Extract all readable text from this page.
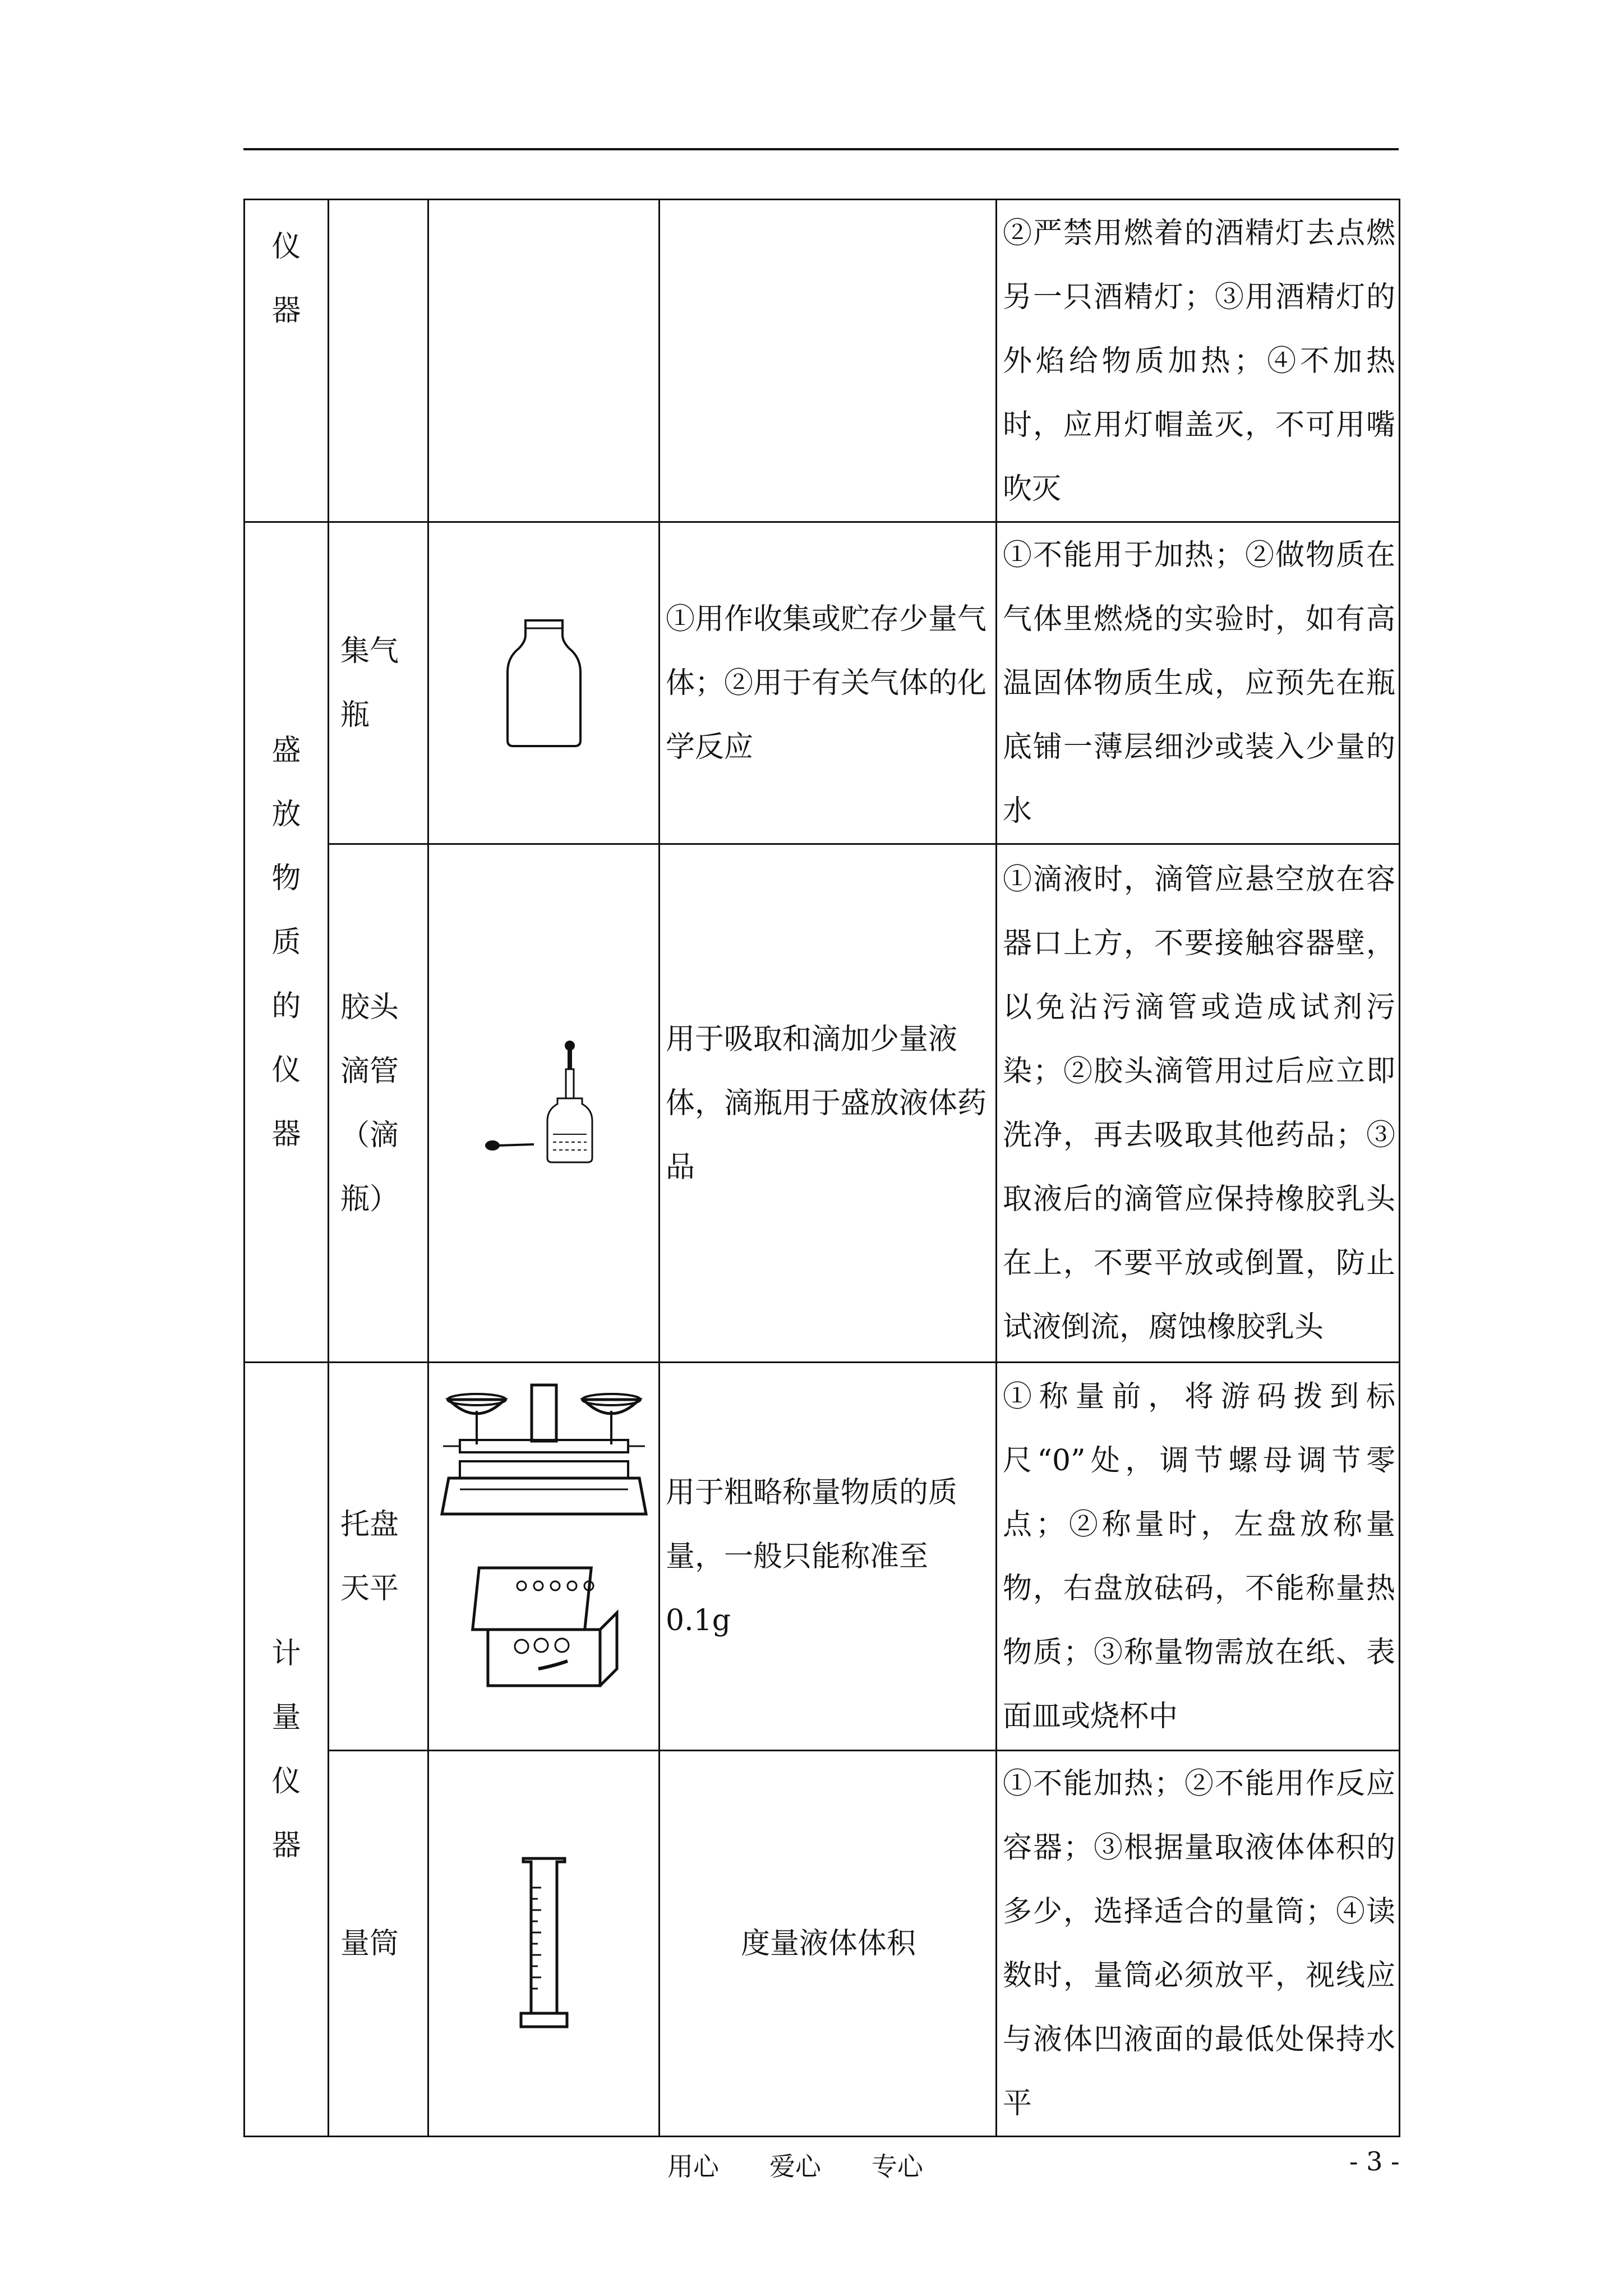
仪器				②严禁用燃着的酒精灯去点燃另一只酒精灯；③用酒精灯的外焰给物质加热；④不加热时，应用灯帽盖灭，不可用嘴吹灭

盛放物质的仪器	集气瓶		①用作收集或贮存少量气体；②用于有关气体的化学反应	①不能用于加热；②做物质在气体里燃烧的实验时，如有高温固体物质生成，应预先在瓶底铺一薄层细沙或装入少量的水

	胶头滴管（滴瓶）		用于吸取和滴加少量液体，滴瓶用于盛放液体药品	①滴液时，滴管应悬空放在容器口上方，不要接触容器壁，以免沾污滴管或造成试剂污染；②胶头滴管用过后应立即洗净，再去吸取其他药品；③取液后的滴管应保持橡胶乳头在上，不要平放或倒置，防止试液倒流，腐蚀橡胶乳头

计量仪器	托盘天平		用于粗略称量物质的质量，一般只能称准至0.1g	①称量前，将游码拨到标尺“0”处，调节螺母调节零点；②称量时，左盘放称量物，右盘放砝码，不能称量热物质；③称量物需放在纸、表面皿或烧杯中

	量筒		度量液体体积	①不能加热；②不能用作反应容器；③根据量取液体体积的多少，选择适合的量筒；④读数时，量筒必须放平，视线应与液体凹液面的最低处保持水平
用心 爱心 专心	- 3 -
